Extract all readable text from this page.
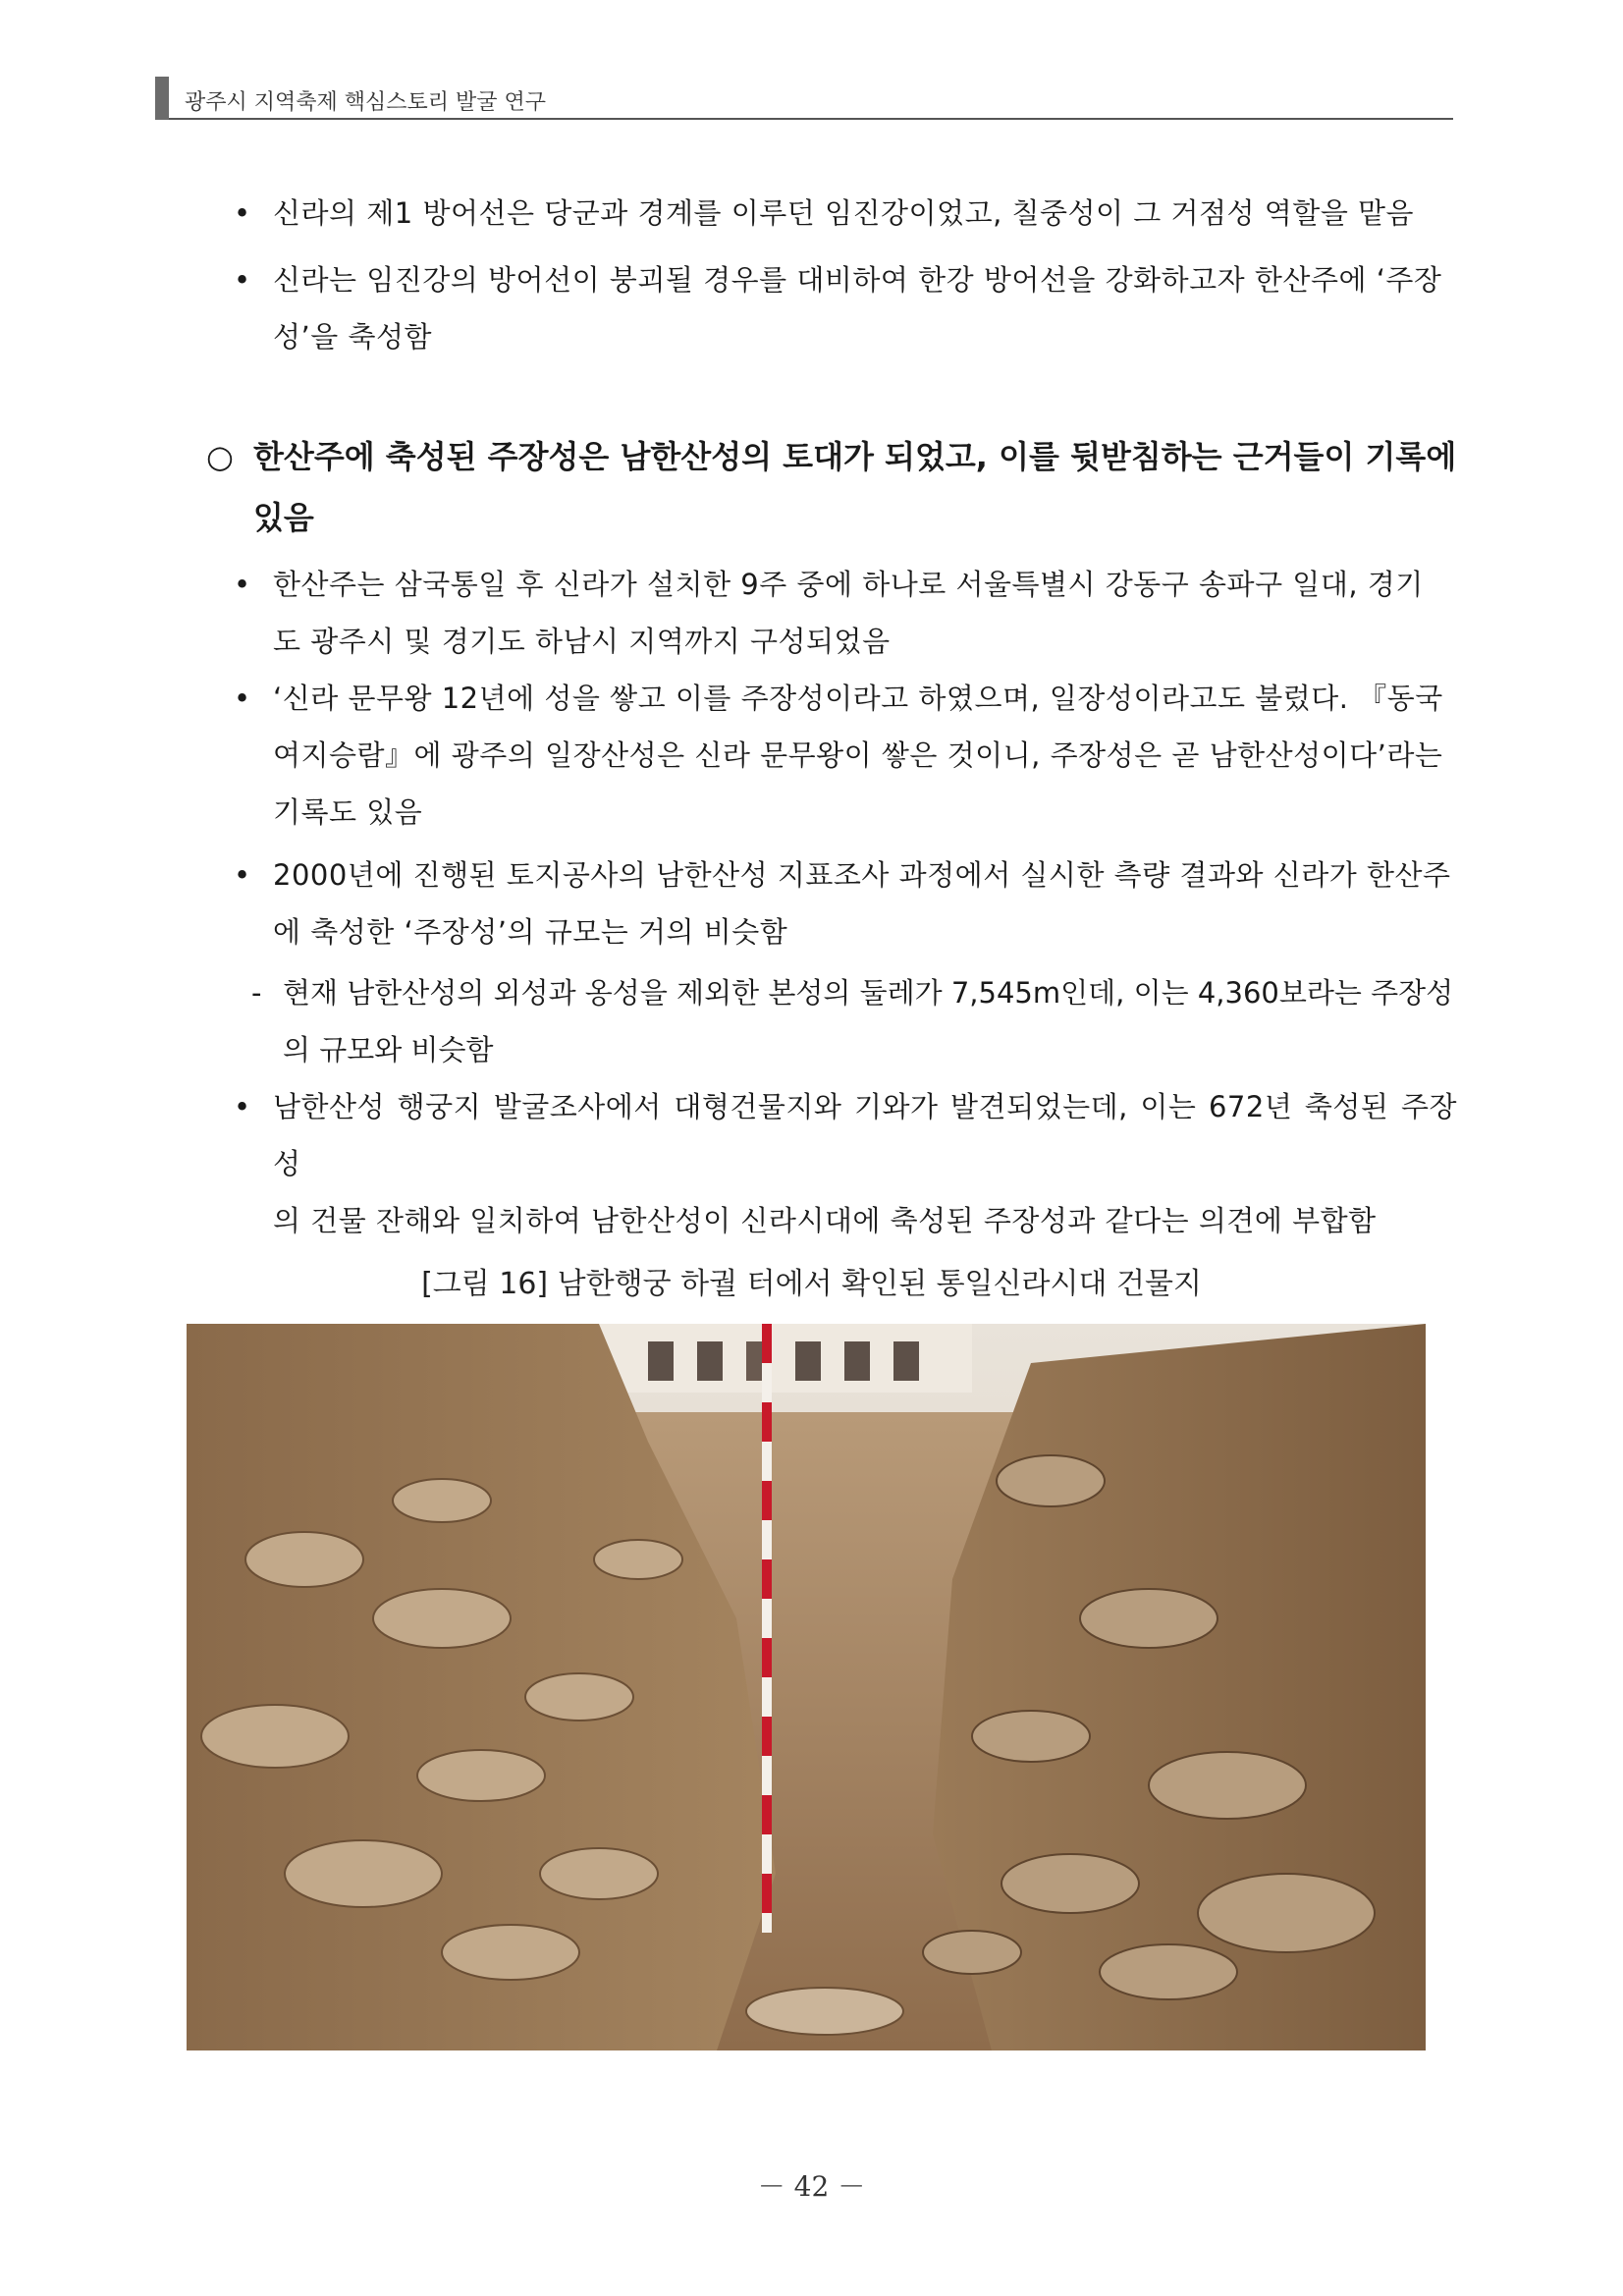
광주시 지역축제 핵심스토리 발굴 연구
• 신라의 제1 방어선은 당군과 경계를 이루던 임진강이었고, 칠중성이 그 거점성 역할을 맡음
• 신라는 임진강의 방어선이 붕괴될 경우를 대비하여 한강 방어선을 강화하고자 한산주에 ‘주장
성’을 축성함
○ 한산주에 축성된 주장성은 남한산성의 토대가 되었고, 이를 뒷받침하는 근거들이 기록에
있음
• 한산주는 삼국통일 후 신라가 설치한 9주 중에 하나로 서울특별시 강동구 송파구 일대, 경기
도 광주시 및 경기도 하남시 지역까지 구성되었음
• ‘신라 문무왕 12년에 성을 쌓고 이를 주장성이라고 하였으며, 일장성이라고도 불렀다. 『동국
여지승람』에 광주의 일장산성은 신라 문무왕이 쌓은 것이니, 주장성은 곧 남한산성이다’라는
기록도 있음
• 2000년에 진행된 토지공사의 남한산성 지표조사 과정에서 실시한 측량 결과와 신라가 한산주
에 축성한 ‘주장성’의 규모는 거의 비슷함
- 현재 남한산성의 외성과 옹성을 제외한 본성의 둘레가 7,545m인데, 이는 4,360보라는 주장성
의 규모와 비슷함
• 남한산성 행궁지 발굴조사에서 대형건물지와 기와가 발견되었는데, 이는 672년 축성된 주장성
의 건물 잔해와 일치하여 남한산성이 신라시대에 축성된 주장성과 같다는 의견에 부합함
[그림 16] 남한행궁 하궐 터에서 확인된 통일신라시대 건물지
－ 42 －
